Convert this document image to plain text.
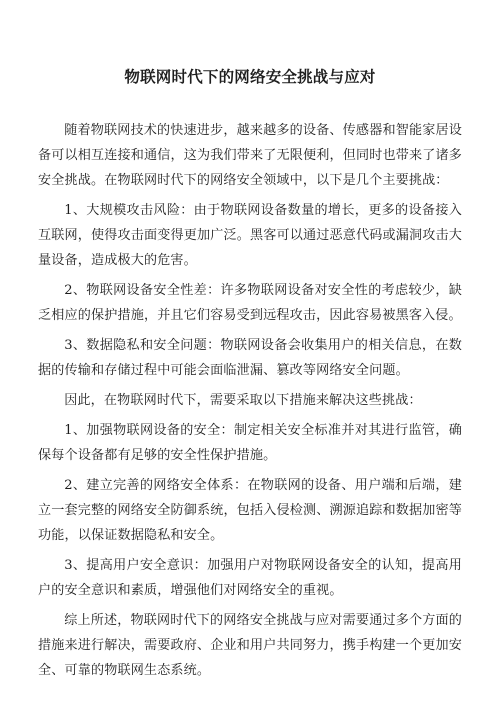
物联网时代下的网络安全挑战与应对

随着物联网技术的快速进步，越来越多的设备、传感器和智能家居设备可以相互连接和通信，这为我们带来了无限便利，但同时也带来了诸多安全挑战。在物联网时代下的网络安全领域中，以下是几个主要挑战：

1、大规模攻击风险：由于物联网设备数量的增长，更多的设备接入互联网，使得攻击面变得更加广泛。黑客可以通过恶意代码或漏洞攻击大量设备，造成极大的危害。

2、物联网设备安全性差：许多物联网设备对安全性的考虑较少，缺乏相应的保护措施，并且它们容易受到远程攻击，因此容易被黑客入侵。

3、数据隐私和安全问题：物联网设备会收集用户的相关信息，在数据的传输和存储过程中可能会面临泄漏、篡改等网络安全问题。

因此，在物联网时代下，需要采取以下措施来解决这些挑战：

1、加强物联网设备的安全：制定相关安全标准并对其进行监管，确保每个设备都有足够的安全性保护措施。

2、建立完善的网络安全体系：在物联网的设备、用户端和后端，建立一套完整的网络安全防御系统，包括入侵检测、溯源追踪和数据加密等功能，以保证数据隐私和安全。

3、提高用户安全意识：加强用户对物联网设备安全的认知，提高用户的安全意识和素质，增强他们对网络安全的重视。

综上所述，物联网时代下的网络安全挑战与应对需要通过多个方面的措施来进行解决，需要政府、企业和用户共同努力，携手构建一个更加安全、可靠的物联网生态系统。
